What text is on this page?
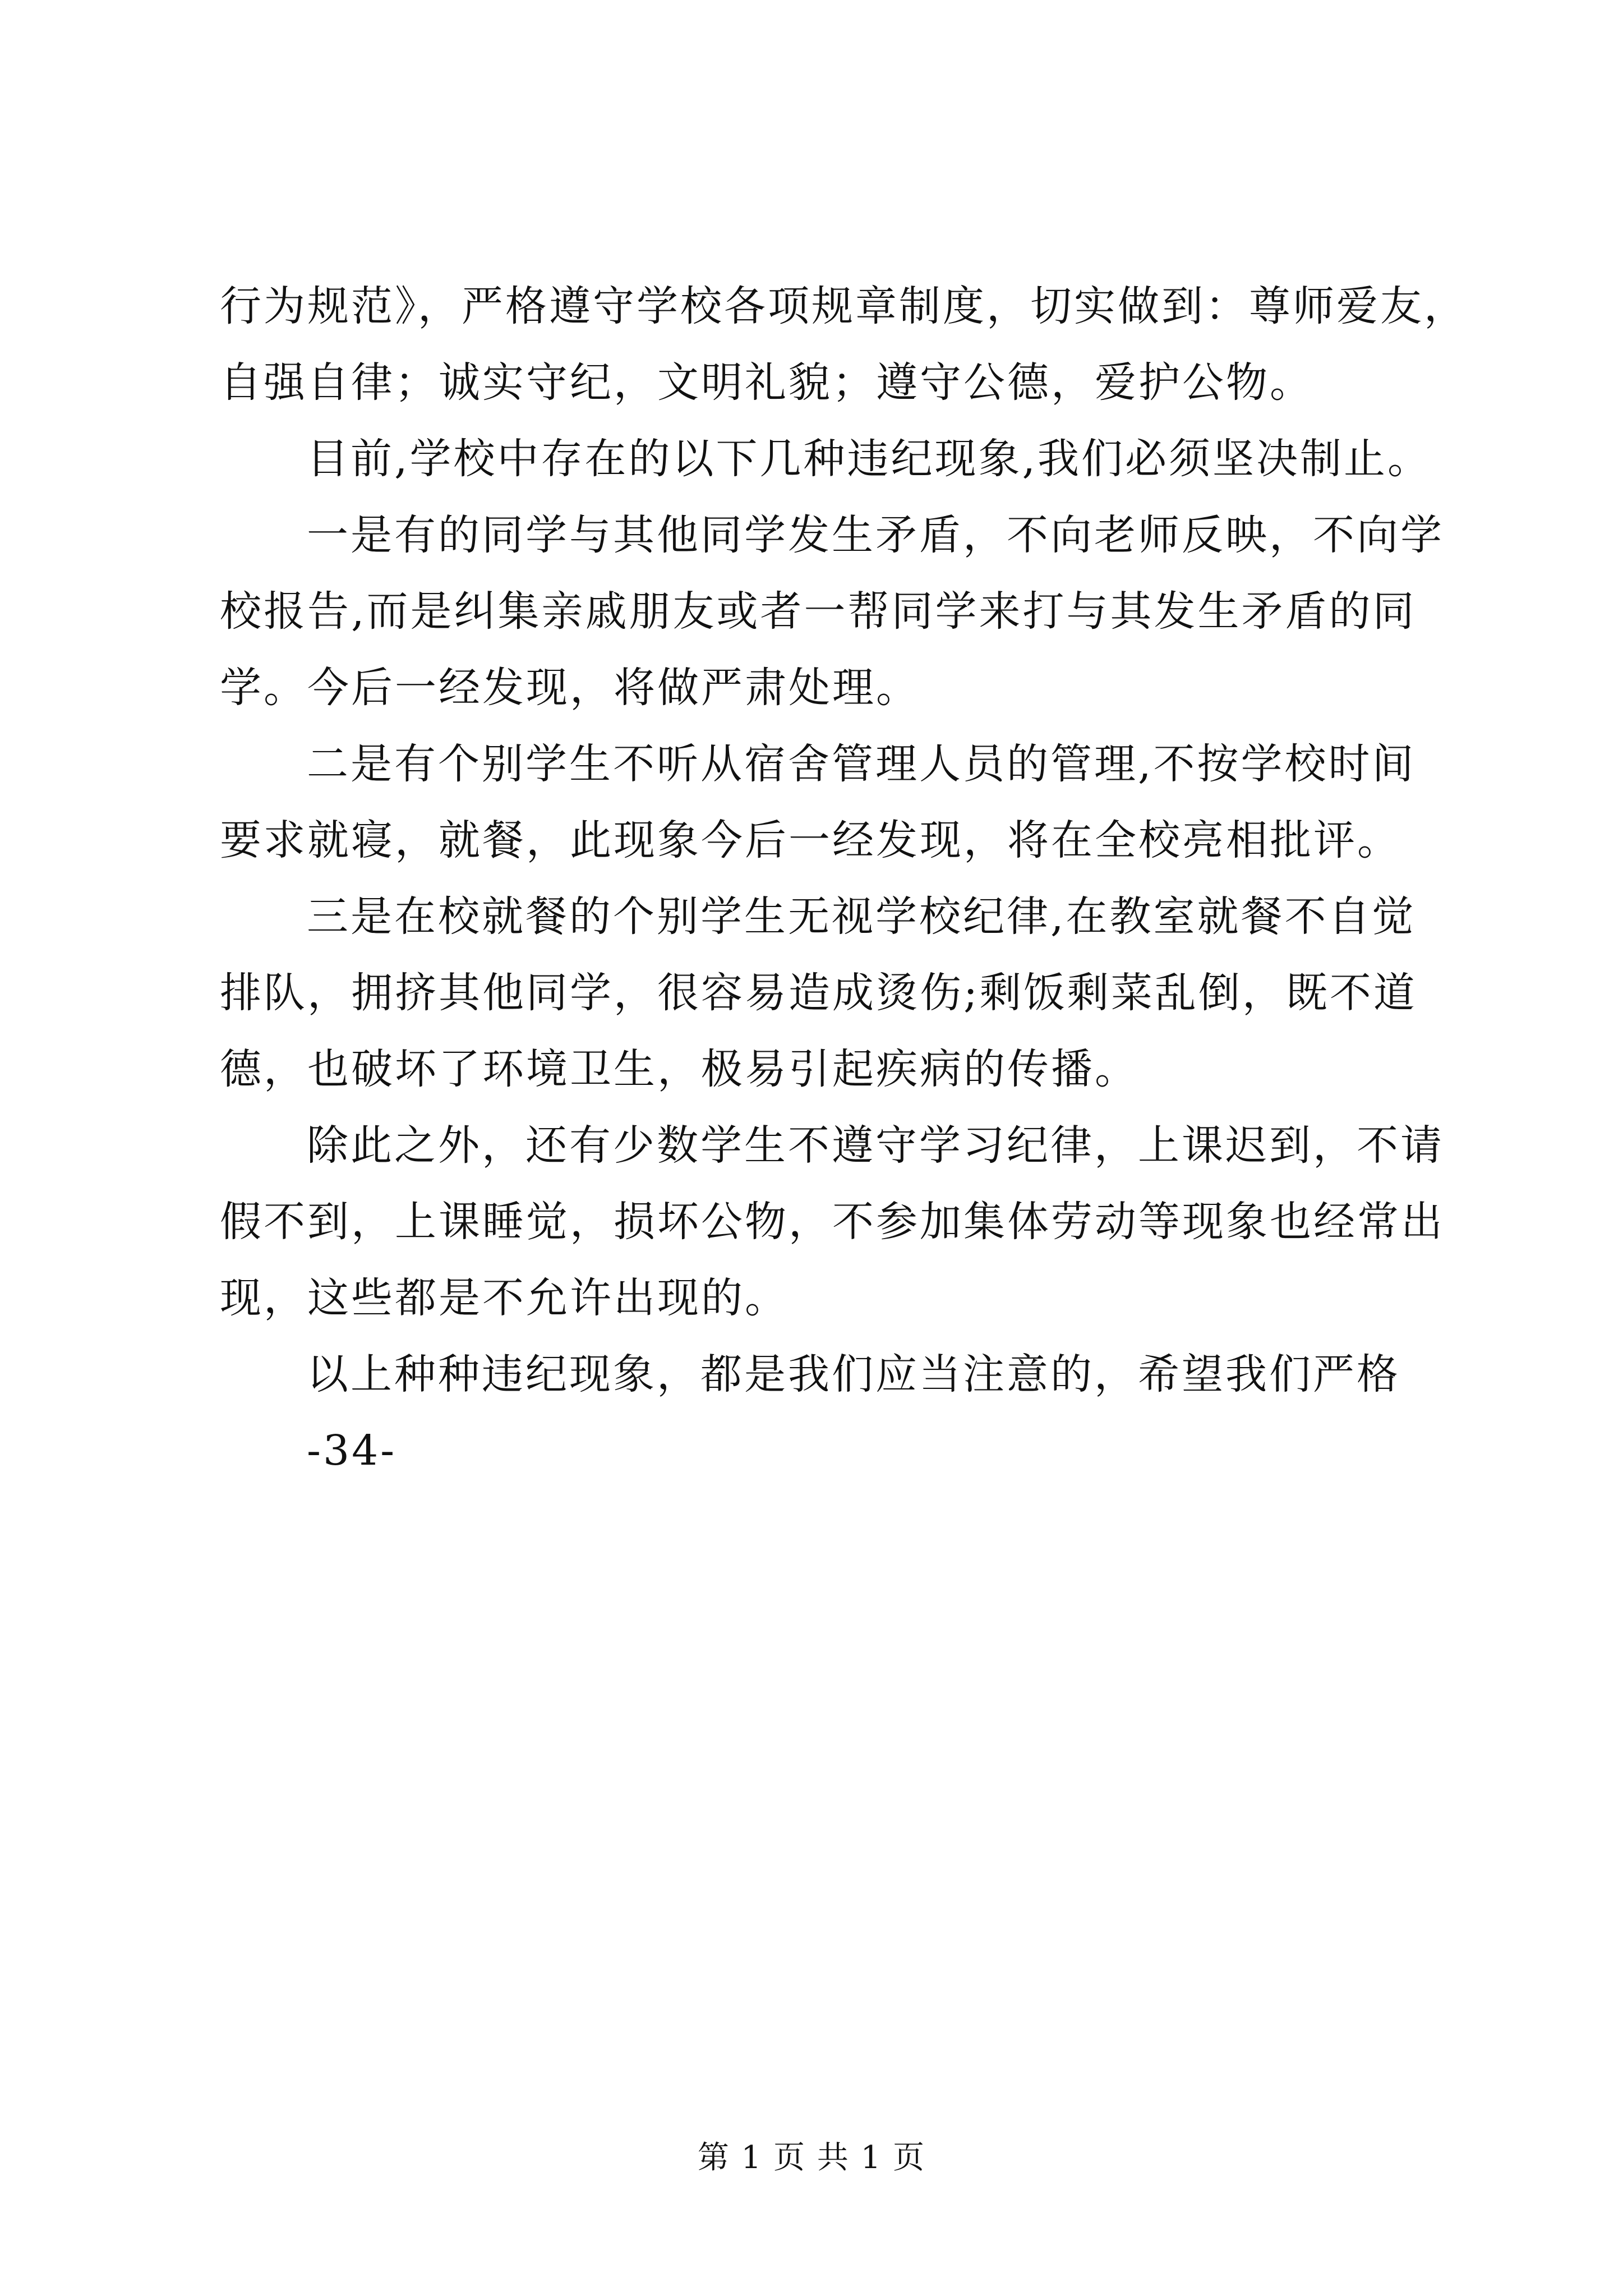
行为规范》，严格遵守学校各项规章制度，切实做到：尊师爱友，
自强自律；诚实守纪，文明礼貌；遵守公德，爱护公物。
目前,学校中存在的以下几种违纪现象,我们必须坚决制止。
一是有的同学与其他同学发生矛盾，不向老师反映，不向学
校报告,而是纠集亲戚朋友或者一帮同学来打与其发生矛盾的同
学。今后一经发现，将做严肃处理。
二是有个别学生不听从宿舍管理人员的管理,不按学校时间
要求就寝，就餐，此现象今后一经发现，将在全校亮相批评。
三是在校就餐的个别学生无视学校纪律,在教室就餐不自觉
排队，拥挤其他同学，很容易造成烫伤;剩饭剩菜乱倒，既不道
德，也破坏了环境卫生，极易引起疾病的传播。
除此之外，还有少数学生不遵守学习纪律，上课迟到，不请
假不到，上课睡觉，损坏公物，不参加集体劳动等现象也经常出
现，这些都是不允许出现的。
以上种种违纪现象，都是我们应当注意的，希望我们严格
-34-
第 1 页 共 1 页
